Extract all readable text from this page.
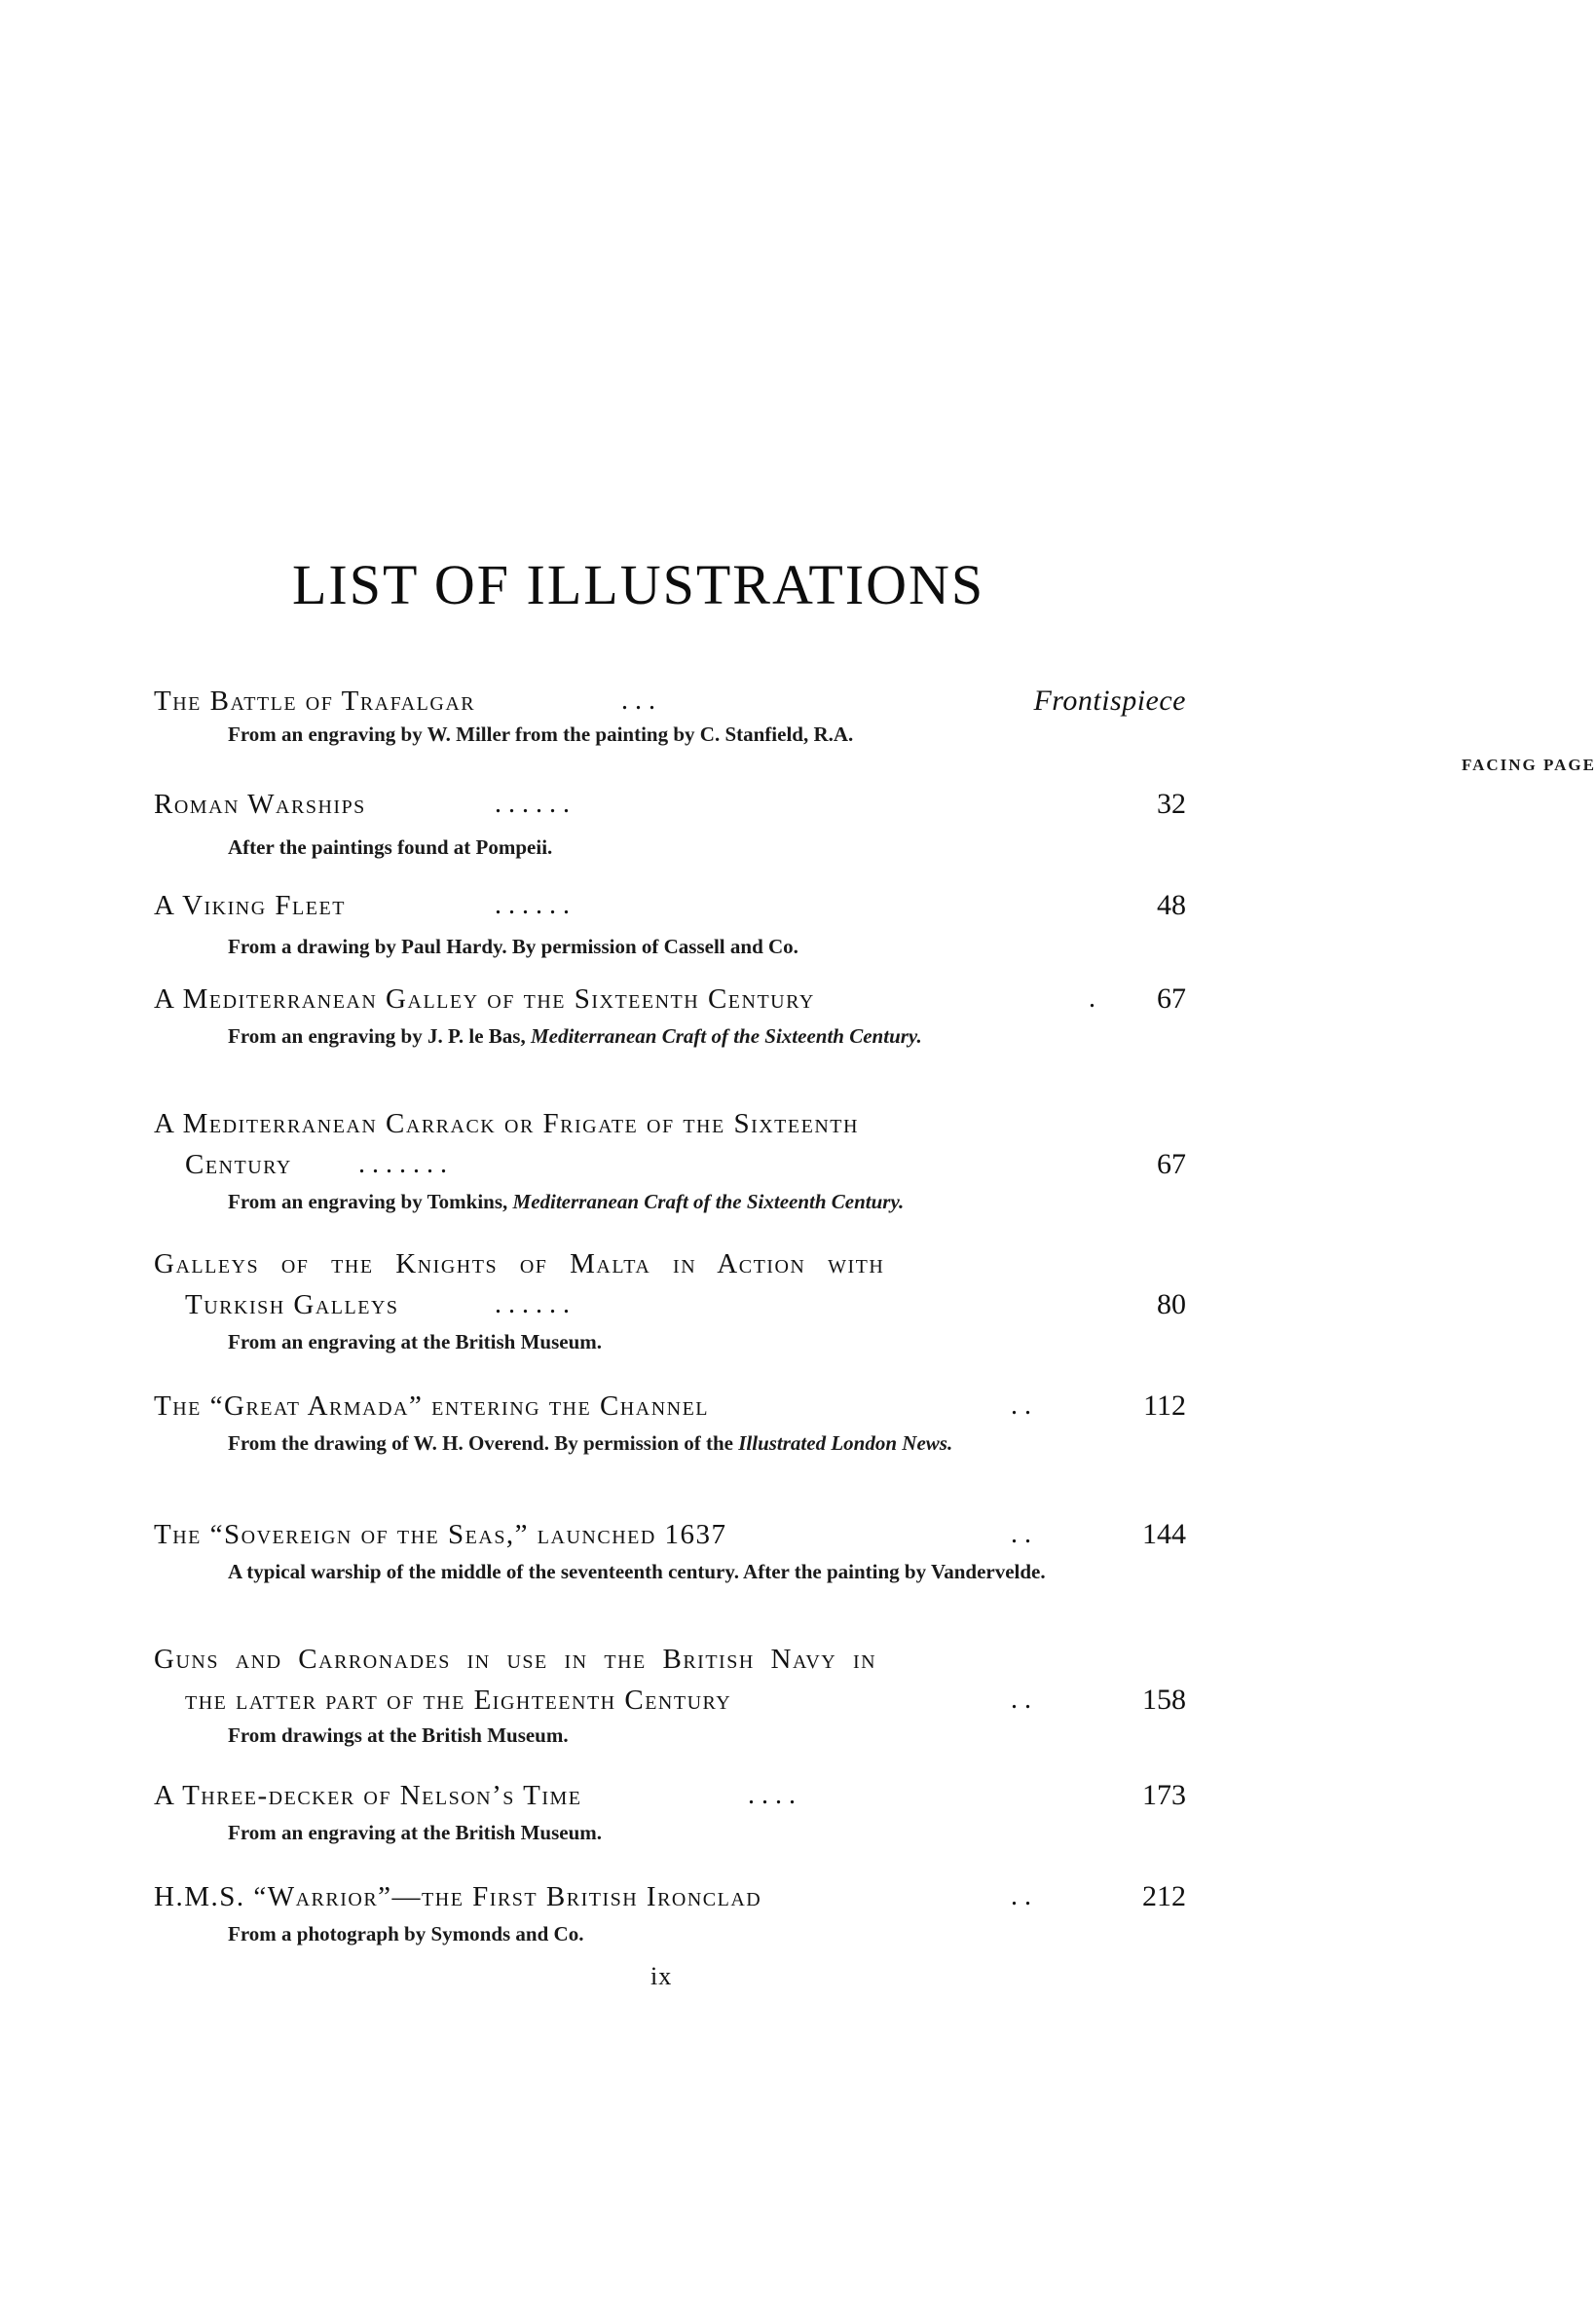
LIST OF ILLUSTRATIONS
FACING PAGE
The Battle of Trafalgar	. . .	Frontispiece
From an engraving by W. Miller from the painting by C. Stanfield, R.A.
Roman Warships	. . . . . .	32
After the paintings found at Pompeii.
A Viking Fleet	. . . . . .	48
From a drawing by Paul Hardy. By permission of Cassell and Co.
A Mediterranean Galley of the Sixteenth Century	. 67
From an engraving by J. P. le Bas, Mediterranean Craft of the Sixteenth Century.
A Mediterranean Carrack or Frigate of the Sixteenth
Century . . . . . . .	67
From an engraving by Tomkins, Mediterranean Craft of the Sixteenth Century.
Galleys of the Knights of Malta in Action with
Turkish Galleys	. . . . . .	80
From an engraving at the British Museum.
The “Great Armada” entering the Channel	. .	112
From the drawing of W. H. Overend. By permission of the Illustrated London News.
The “Sovereign of the Seas,” launched 1637	. .	144
A typical warship of the middle of the seventeenth century. After the painting by Vanderveldе.
Guns and Carronades in use in the British Navy in
the latter part of the Eighteenth Century	. .	158
From drawings at the British Museum.
A Three-decker of Nelson’s Time	. . . .	173
From an engraving at the British Museum.
H.M.S. “Warrior”—the First British Ironclad	. .	212
From a photograph by Symonds and Co.
ix
